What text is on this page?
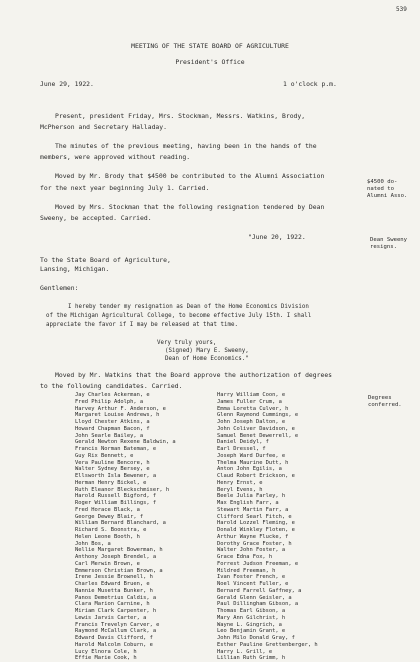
539
MEETING OF THE STATE BOARD OF AGRICULTURE
President's Office
June 29, 1922.	1 o'clock p.m.
Present, president Friday, Mrs. Stockman, Messrs. Watkins, Brody,
McPherson and Secretary Halladay.
The minutes of the previous meeting, having been in the hands of the
members, were approved without reading.
Moved by Mr. Brody that $4500 be contributed to the Alumni Association
for the next year beginning July 1. Carried.
$4500 do-
nated to
Alumni Asso.
Moved by Mrs. Stockman that the following resignation tendered by Dean
Sweeny, be accepted. Carried.
Dean Sweeny
resigns.
"June 20, 1922.
To the State Board of Agriculture,
Lansing, Michigan.
Gentlemen:
I hereby tender my resignation as Dean of the Home Economics Division
of the Michigan Agricultural College, to become effective July 15th. I shall
appreciate the favor if I may be released at that time.
Very truly yours,
(Signed) Mary E. Sweeny,
Dean of Home Economics."
Moved by Mr. Watkins that the Board approve the authorization of degrees
to the following candidates. Carried.
Degrees
conferred.
Jay Charles Ackerman, e
Fred Philip Adolph, a
Harvey Arthur F. Anderson, e
Margaret Louise Andrews, h
Lloyd Chester Atkins, a
Howard Chapman Bacon, f
John Searle Bailey, a
Gerald Newton Rexene Baldwin, a
Francis Norman Bateman, e
Guy Rix Bennett, e
Vera Pauline Bencore, h
Walter Sydney Bersey, e
Ellsworth Isla Bewener, a
Herman Henry Bickel, e
Ruth Eleanor Bleckschmiser, h
Harold Russell Bigford, f
Roger William Billings, f
Fred Horace Black, a
George Dewey Blair, f
William Bernard Blanchard, a
Richard S. Boonstra, e
Helen Leone Booth, h
John Bos, a
Nellie Margaret Bowerman, h
Anthony Joseph Brendel, a
Carl Merwin Brown, e
Emmerson Christian Brown, a
Irene Jessie Brownell, h
Charles Edward Bruen, e
Nannie Musetta Bunker, h
Panos Demetrius Caldis, a
Clara Marion Carnine, h
Miriam Clark Carpenter, h
Lewis Jarvis Carter, a
Francis Trevelyn Carver, e
Raymond McCallum Clark, a
Edward Davis Clifford, f
Harold Malcolm Coburn, e
Lucy Elnora Cole, h
Effie Marie Cook, h
Harry William Coon, e
James Fuller Crum, a
Emma Loretta Culver, h
Glenn Raymond Cummings, e
John Joseph Dalton, e
John Coliver Davidson, e
Samuel Benet Dewerrell, e
Daniel Deidyl, f
Earl Dressel, f
Joseph Ward Durfee, e
Thelma Maurine Dutt, h
Anton John Egilis, a
Claud Robert Erickson, e
Henry Ernst, e
Beryl Evens, h
Beele Julia Farley, h
Max English Farr, a
Stewart Martin Farr, a
Clifford Searl Fitch, e
Harold Lozzel Fleming, e
Donald Winkley Floten, e
Arthur Wayne Flucke, f
Dorothy Grace Foster, h
Walter John Foster, a
Grace Edna Fox, h
Forrest Judson Freeman, e
Mildred Freeman, h
Ivan Foster French, e
Noel Vincent Fuller, e
Bernard Farrell Gaffney, a
Gerald Glenn Geisler, a
Paul Dillingham Gibson, a
Thomas Earl Gibson, a
Mary Ann Gilchrist, h
Wayne L. Gingrich, a
Leo Benjamin Grant, e
John Milo Donald Gray, f
Esther Pauline Grettenberger, h
Harry L. Grill, e
Lillian Ruth Grimm, h
